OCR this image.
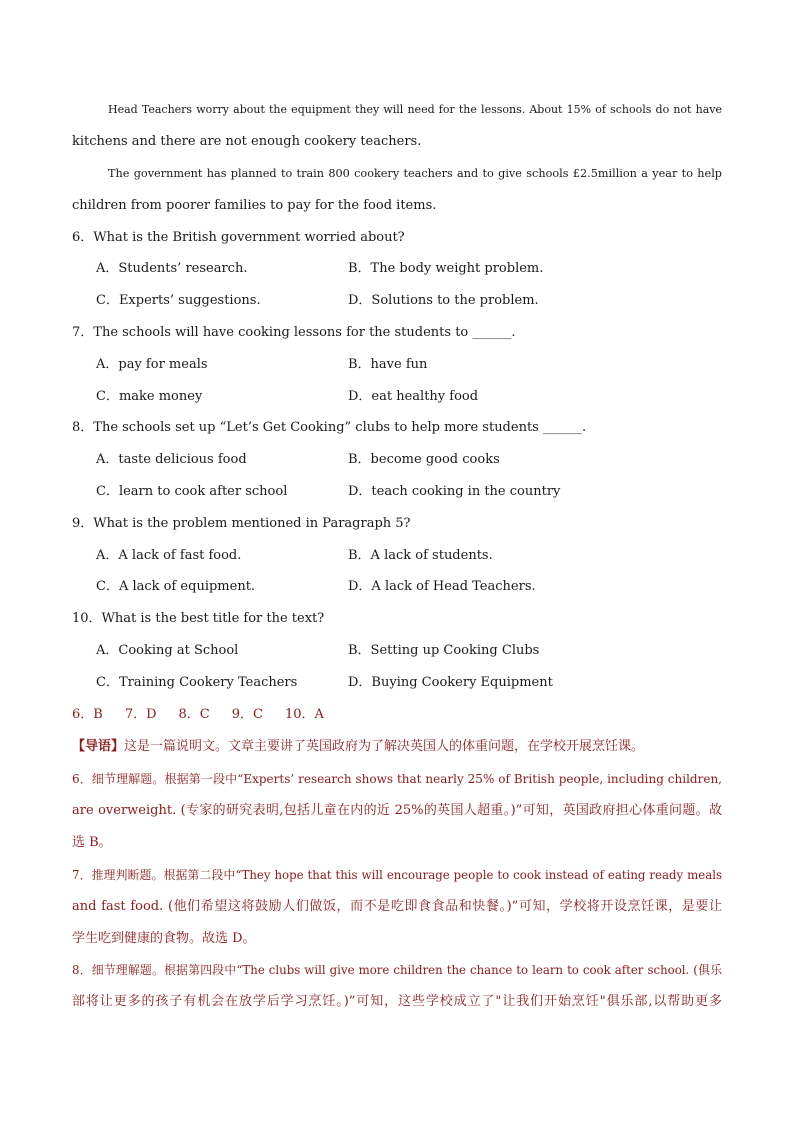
Head Teachers worry about the equipment they will need for the lessons. About 15% of schools do not have
kitchens and there are not enough cookery teachers.
The government has planned to train 800 cookery teachers and to give schools £2.5million a year to help
children from poorer families to pay for the food items.
6．What is the British government worried about?
A．Students’ research.	B．The body weight problem.
C．Experts’ suggestions.	D．Solutions to the problem.
7．The schools will have cooking lessons for the students to ______.
A．pay for meals	B．have fun
C．make money	D．eat healthy food
8．The schools set up “Let’s Get Cooking” clubs to help more students ______.
A．taste delicious food	B．become good cooks
C．learn to cook after school	D．teach cooking in the country
9．What is the problem mentioned in Paragraph 5?
A．A lack of fast food.	B．A lack of students.
C．A lack of equipment.	D．A lack of Head Teachers.
10．What is the best title for the text?
A．Cooking at School	B．Setting up Cooking Clubs
C．Training Cookery Teachers	D．Buying Cookery Equipment
6．B 7．D 8．C 9．C 10．A
【导语】这是一篇说明文。文章主要讲了英国政府为了解决英国人的体重问题，在学校开展烹饪课。
6．细节理解题。根据第一段中“Experts’ research shows that nearly 25% of British people, including children,
are overweight. (专家的研究表明,包括儿童在内的近 25%的英国人超重。)”可知，英国政府担心体重问题。故
选 B。
7．推理判断题。根据第二段中“They hope that this will encourage people to cook instead of eating ready meals
and fast food. (他们希望这将鼓励人们做饭，而不是吃即食食品和快餐。)”可知，学校将开设烹饪课，是要让
学生吃到健康的食物。故选 D。
8．细节理解题。根据第四段中“The clubs will give more children the chance to learn to cook after school. (俱乐
部将让更多的孩子有机会在放学后学习烹饪。)”可知，这些学校成立了"让我们开始烹饪"俱乐部,以帮助更多
